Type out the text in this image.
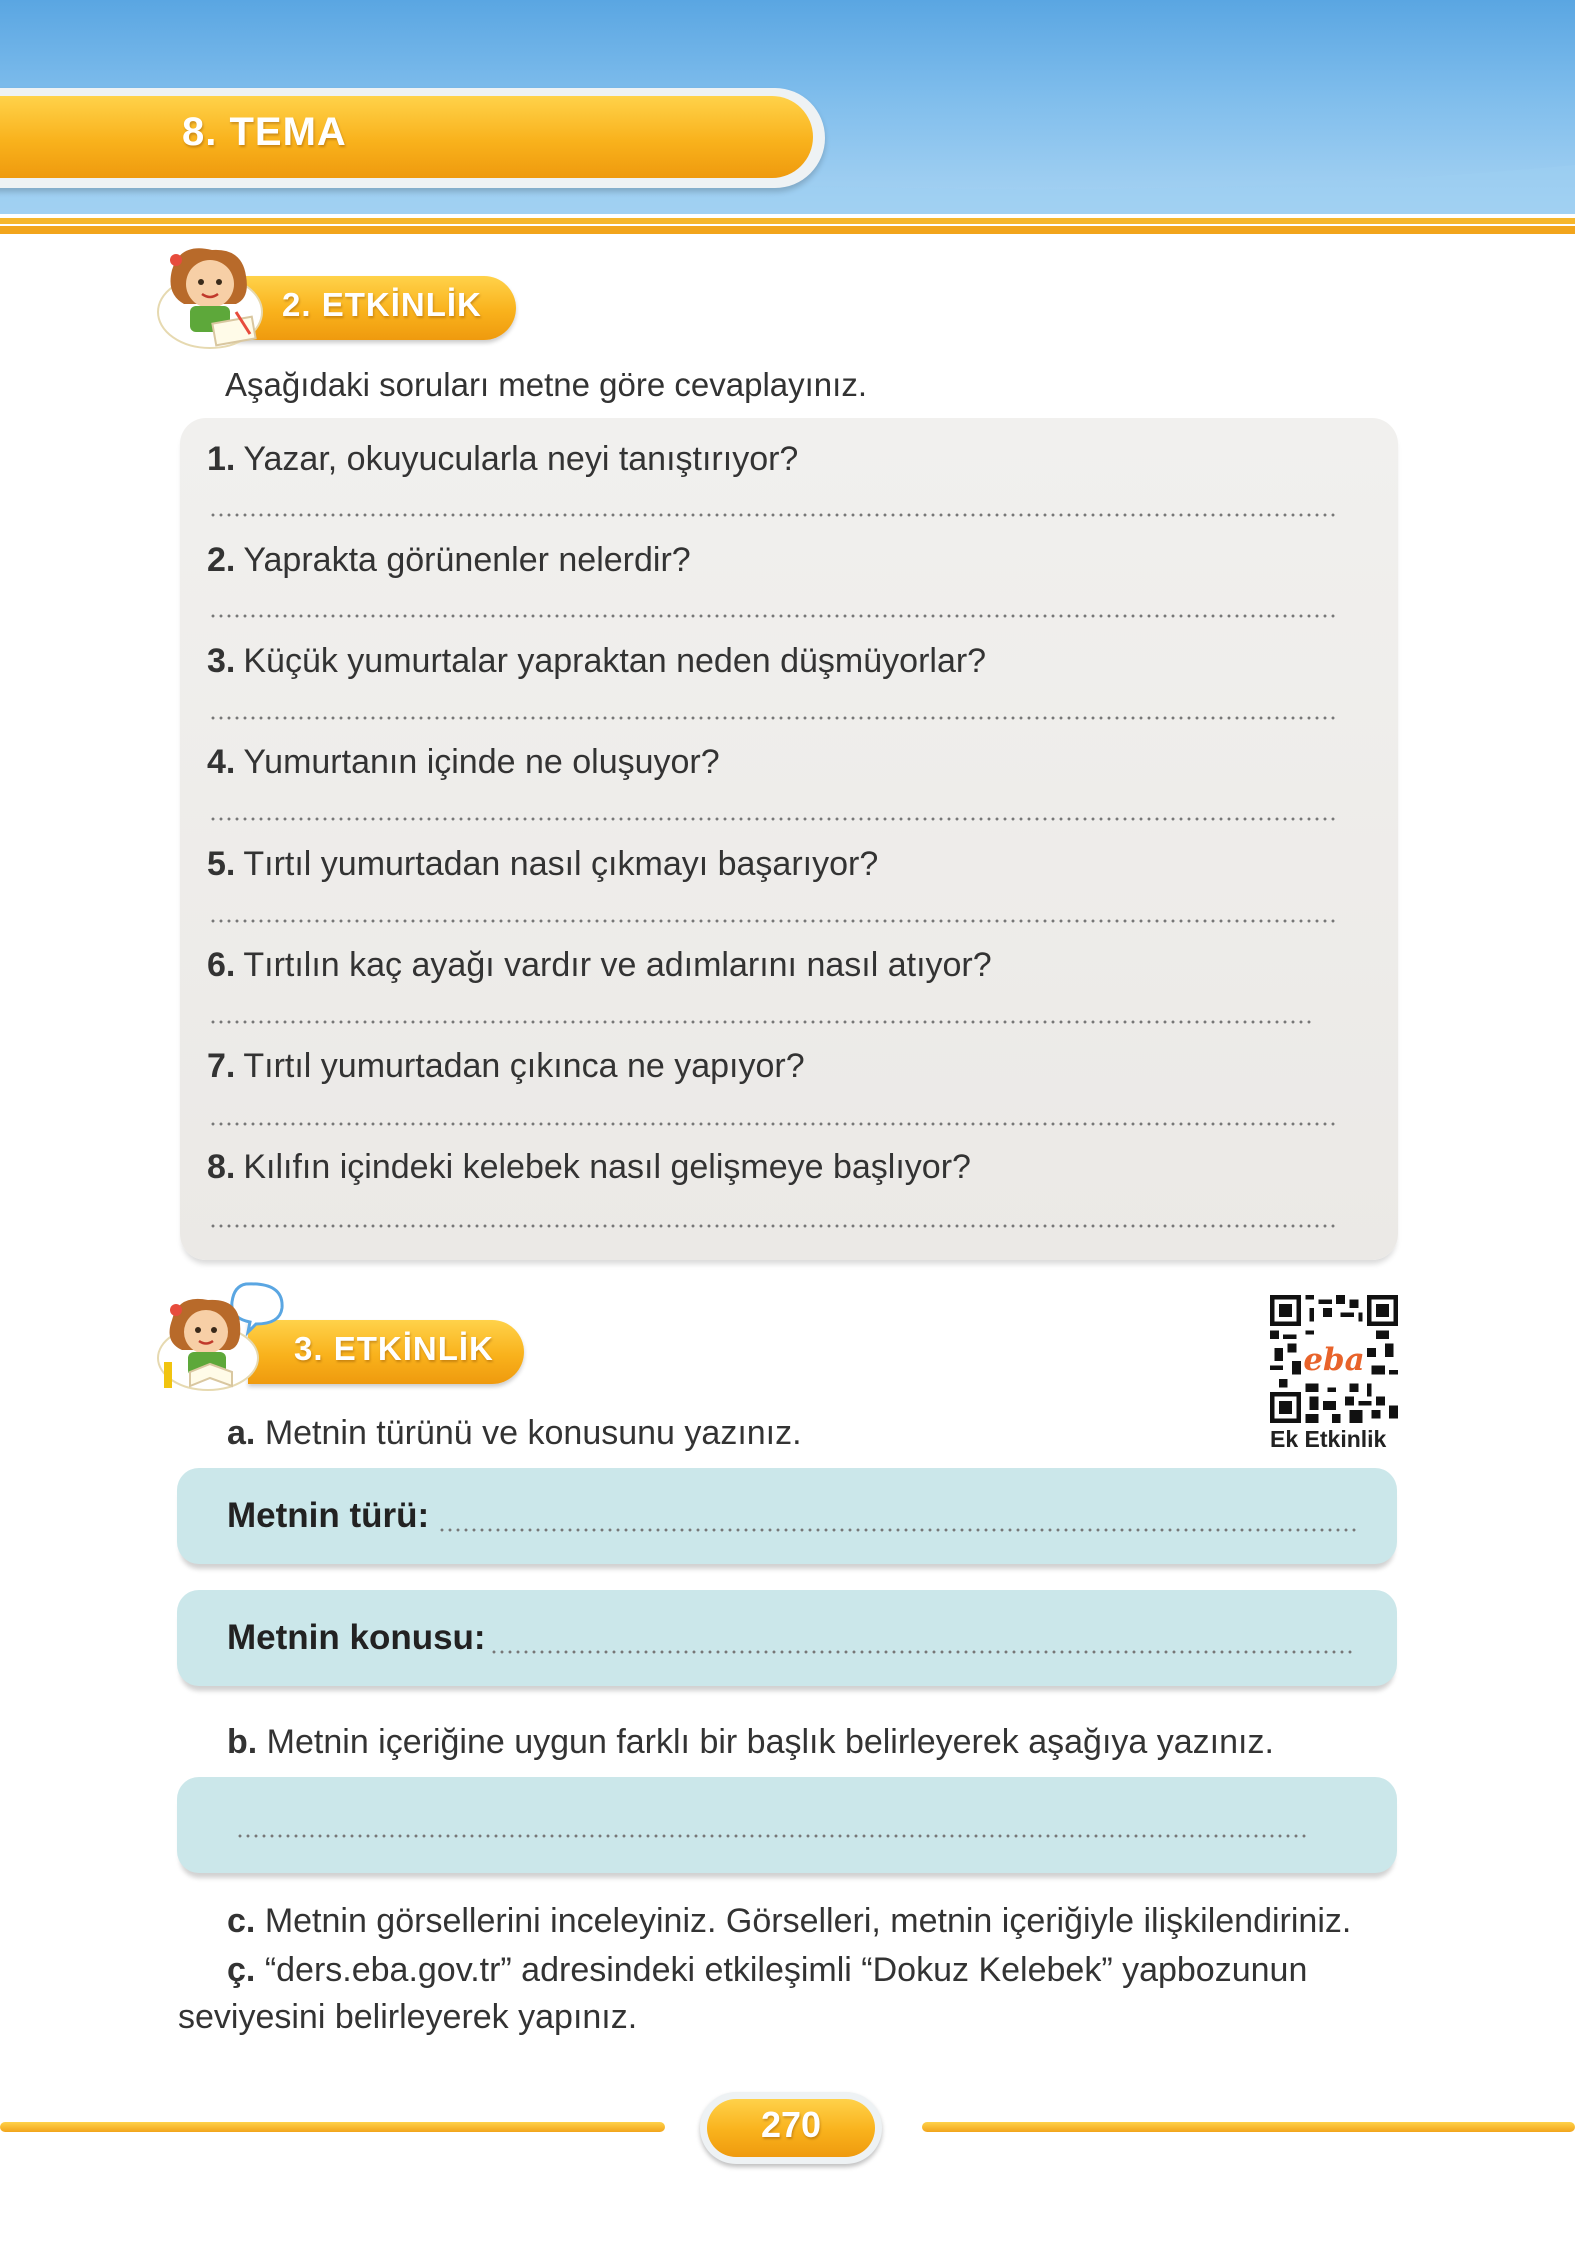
8. TEMA
2. ETKİNLİK
Aşağıdaki soruları metne göre cevaplayınız.
1. Yazar, okuyucularla neyi tanıştırıyor?
2. Yaprakta görünenler nelerdir?
3. Küçük yumurtalar yapraktan neden düşmüyorlar?
4. Yumurtanın içinde ne oluşuyor?
5. Tırtıl yumurtadan nasıl çıkmayı başarıyor?
6. Tırtılın kaç ayağı vardır ve adımlarını nasıl atıyor?
7. Tırtıl yumurtadan çıkınca ne yapıyor?
8. Kılıfın içindeki kelebek nasıl gelişmeye başlıyor?
3. ETKİNLİK	eba
Ek Etkinlik
a. Metnin türünü ve konusunu yazınız.
Metnin türü:
Metnin konusu:
b. Metnin içeriğine uygun farklı bir başlık belirleyerek aşağıya yazınız.
c. Metnin görsellerini inceleyiniz. Görselleri, metnin içeriğiyle ilişkilendiriniz.
ç. “ders.eba.gov.tr” adresindeki etkileşimli “Dokuz Kelebek” yapbozunun
seviyesini belirleyerek yapınız.
270
